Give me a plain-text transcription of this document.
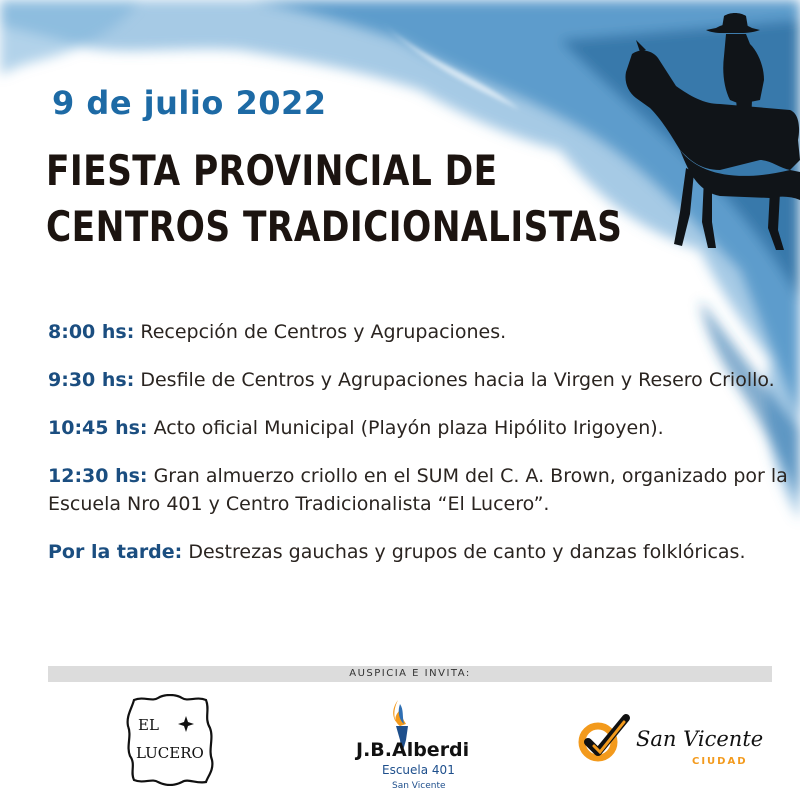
9 de julio 2022
FIESTA PROVINCIAL DE
CENTROS TRADICIONALISTAS
8:00 hs: Recepción de Centros y Agrupaciones.
9:30 hs: Desfile de Centros y Agrupaciones hacia la Virgen y Resero Criollo.
10:45 hs: Acto oficial Municipal (Playón plaza Hipólito Irigoyen).
12:30 hs: Gran almuerzo criollo en el SUM del C. A. Brown, organizado por la Escuela Nro 401 y Centro Tradicionalista “El Lucero”.
Por la tarde: Destrezas gauchas y grupos de canto y danzas folklóricas.
AUSPICIA E INVITA:
EL
LUCERO	J.B.Alberdi
Escuela 401
San Vicente
San Vicente
CIUDAD
